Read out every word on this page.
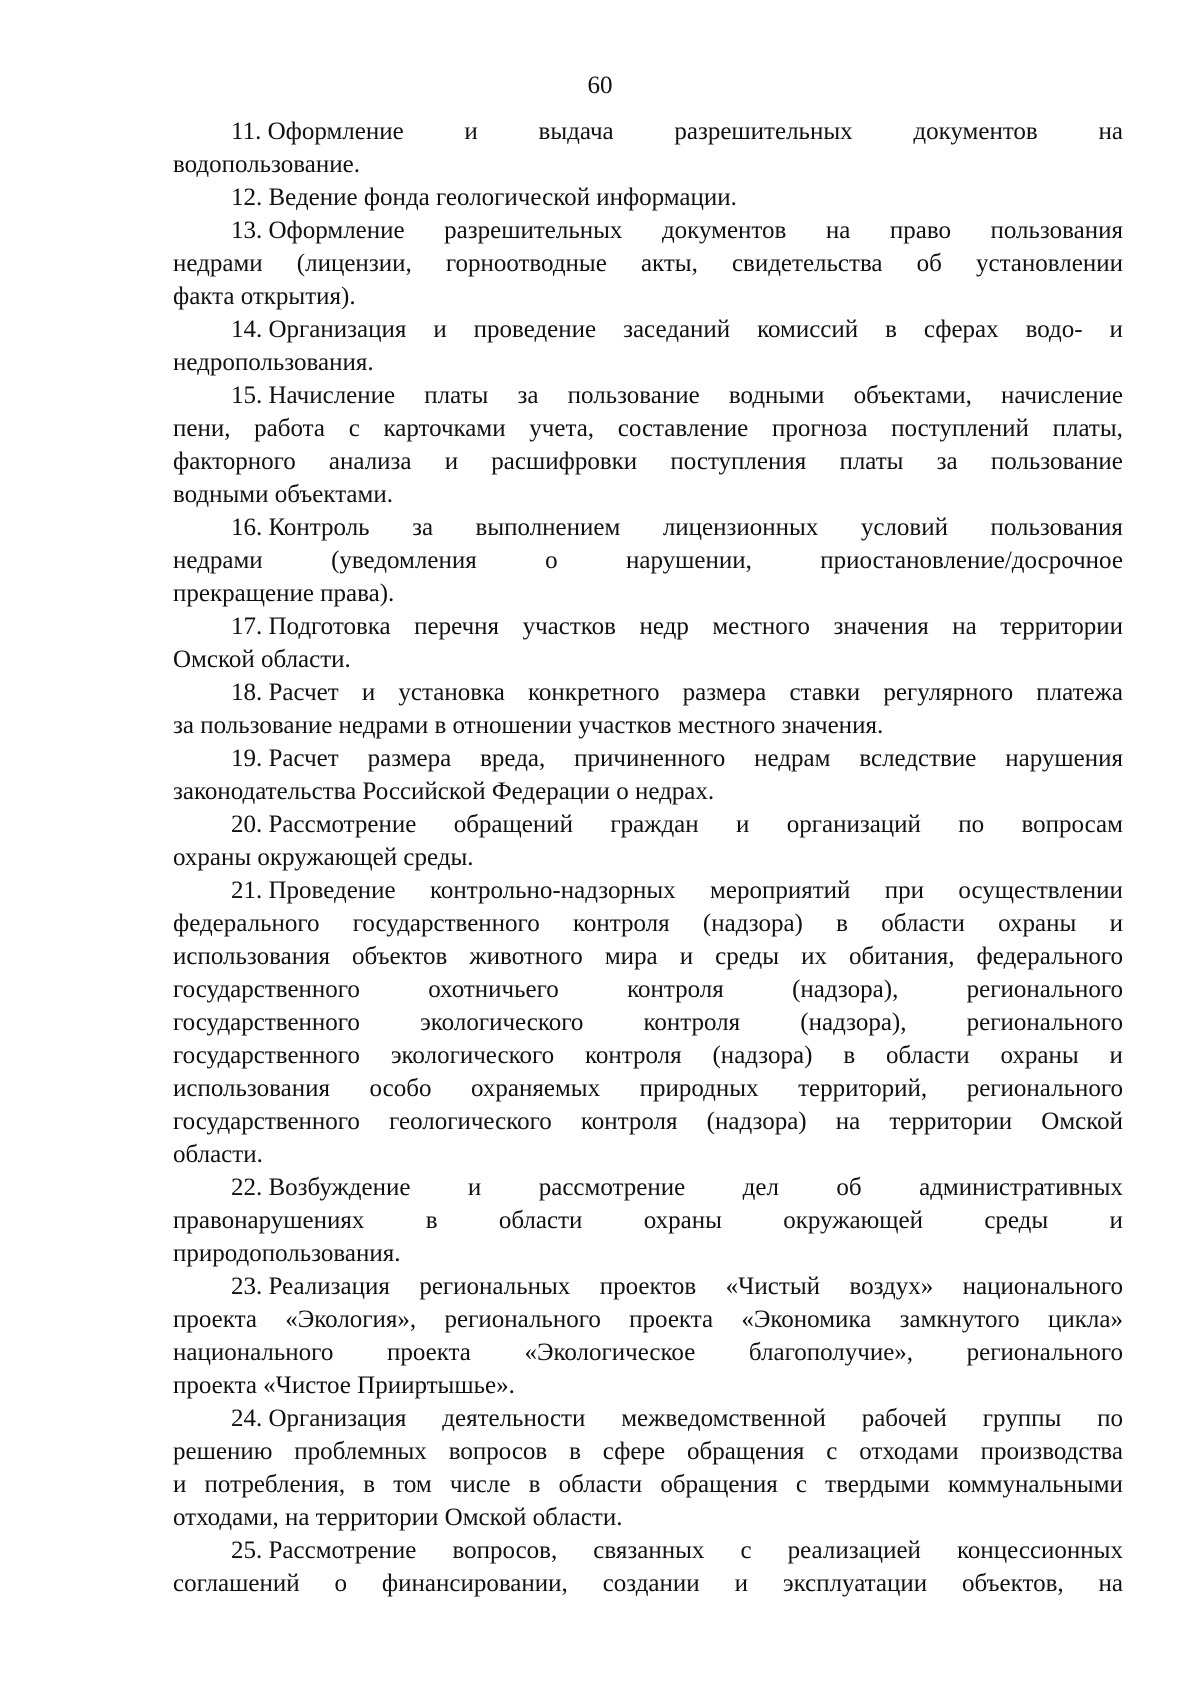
60
11. Оформление и выдача разрешительных документов на
водопользование.
12. Ведение фонда геологической информации.
13. Оформление разрешительных документов на право пользования
недрами (лицензии, горноотводные акты, свидетельства об установлении
факта открытия).
14. Организация и проведение заседаний комиссий в сферах водо- и
недропользования.
15. Начисление платы за пользование водными объектами, начисление
пени, работа с карточками учета, составление прогноза поступлений платы,
факторного анализа и расшифровки поступления платы за пользование
водными объектами.
16. Контроль за выполнением лицензионных условий пользования
недрами	(уведомления	о	нарушении,	приостановление/досрочное
прекращение права).
17. Подготовка перечня участков недр местного значения на территории
Омской области.
18. Расчет и установка конкретного размера ставки регулярного платежа
за пользование недрами в отношении участков местного значения.
19. Расчет размера вреда, причиненного недрам вследствие нарушения
законодательства Российской Федерации о недрах.
20. Рассмотрение обращений граждан и организаций по вопросам
охраны окружающей среды.
21. Проведение контрольно-надзорных мероприятий при осуществлении
федерального государственного контроля (надзора) в области охраны и
использования объектов животного мира и среды их обитания, федерального
государственного	охотничьего	контроля	(надзора),	регионального
государственного экологического контроля (надзора), регионального
государственного экологического контроля (надзора) в области охраны и
использования особо охраняемых природных территорий, регионального
государственного геологического контроля (надзора) на территории Омской
области.
22. Возбуждение и рассмотрение дел об административных
правонарушениях в области охраны окружающей среды и
природопользования.
23. Реализация региональных проектов «Чистый воздух» национального
проекта «Экология», регионального проекта «Экономика замкнутого цикла»
национального проекта «Экологическое благополучие», регионального
проекта «Чистое Прииртышье».
24. Организация деятельности межведомственной рабочей группы по
решению проблемных вопросов в сфере обращения с отходами производства
и потребления, в том числе в области обращения с твердыми коммунальными
отходами, на территории Омской области.
25. Рассмотрение вопросов, связанных с реализацией концессионных
соглашений о финансировании, создании и эксплуатации объектов, на
